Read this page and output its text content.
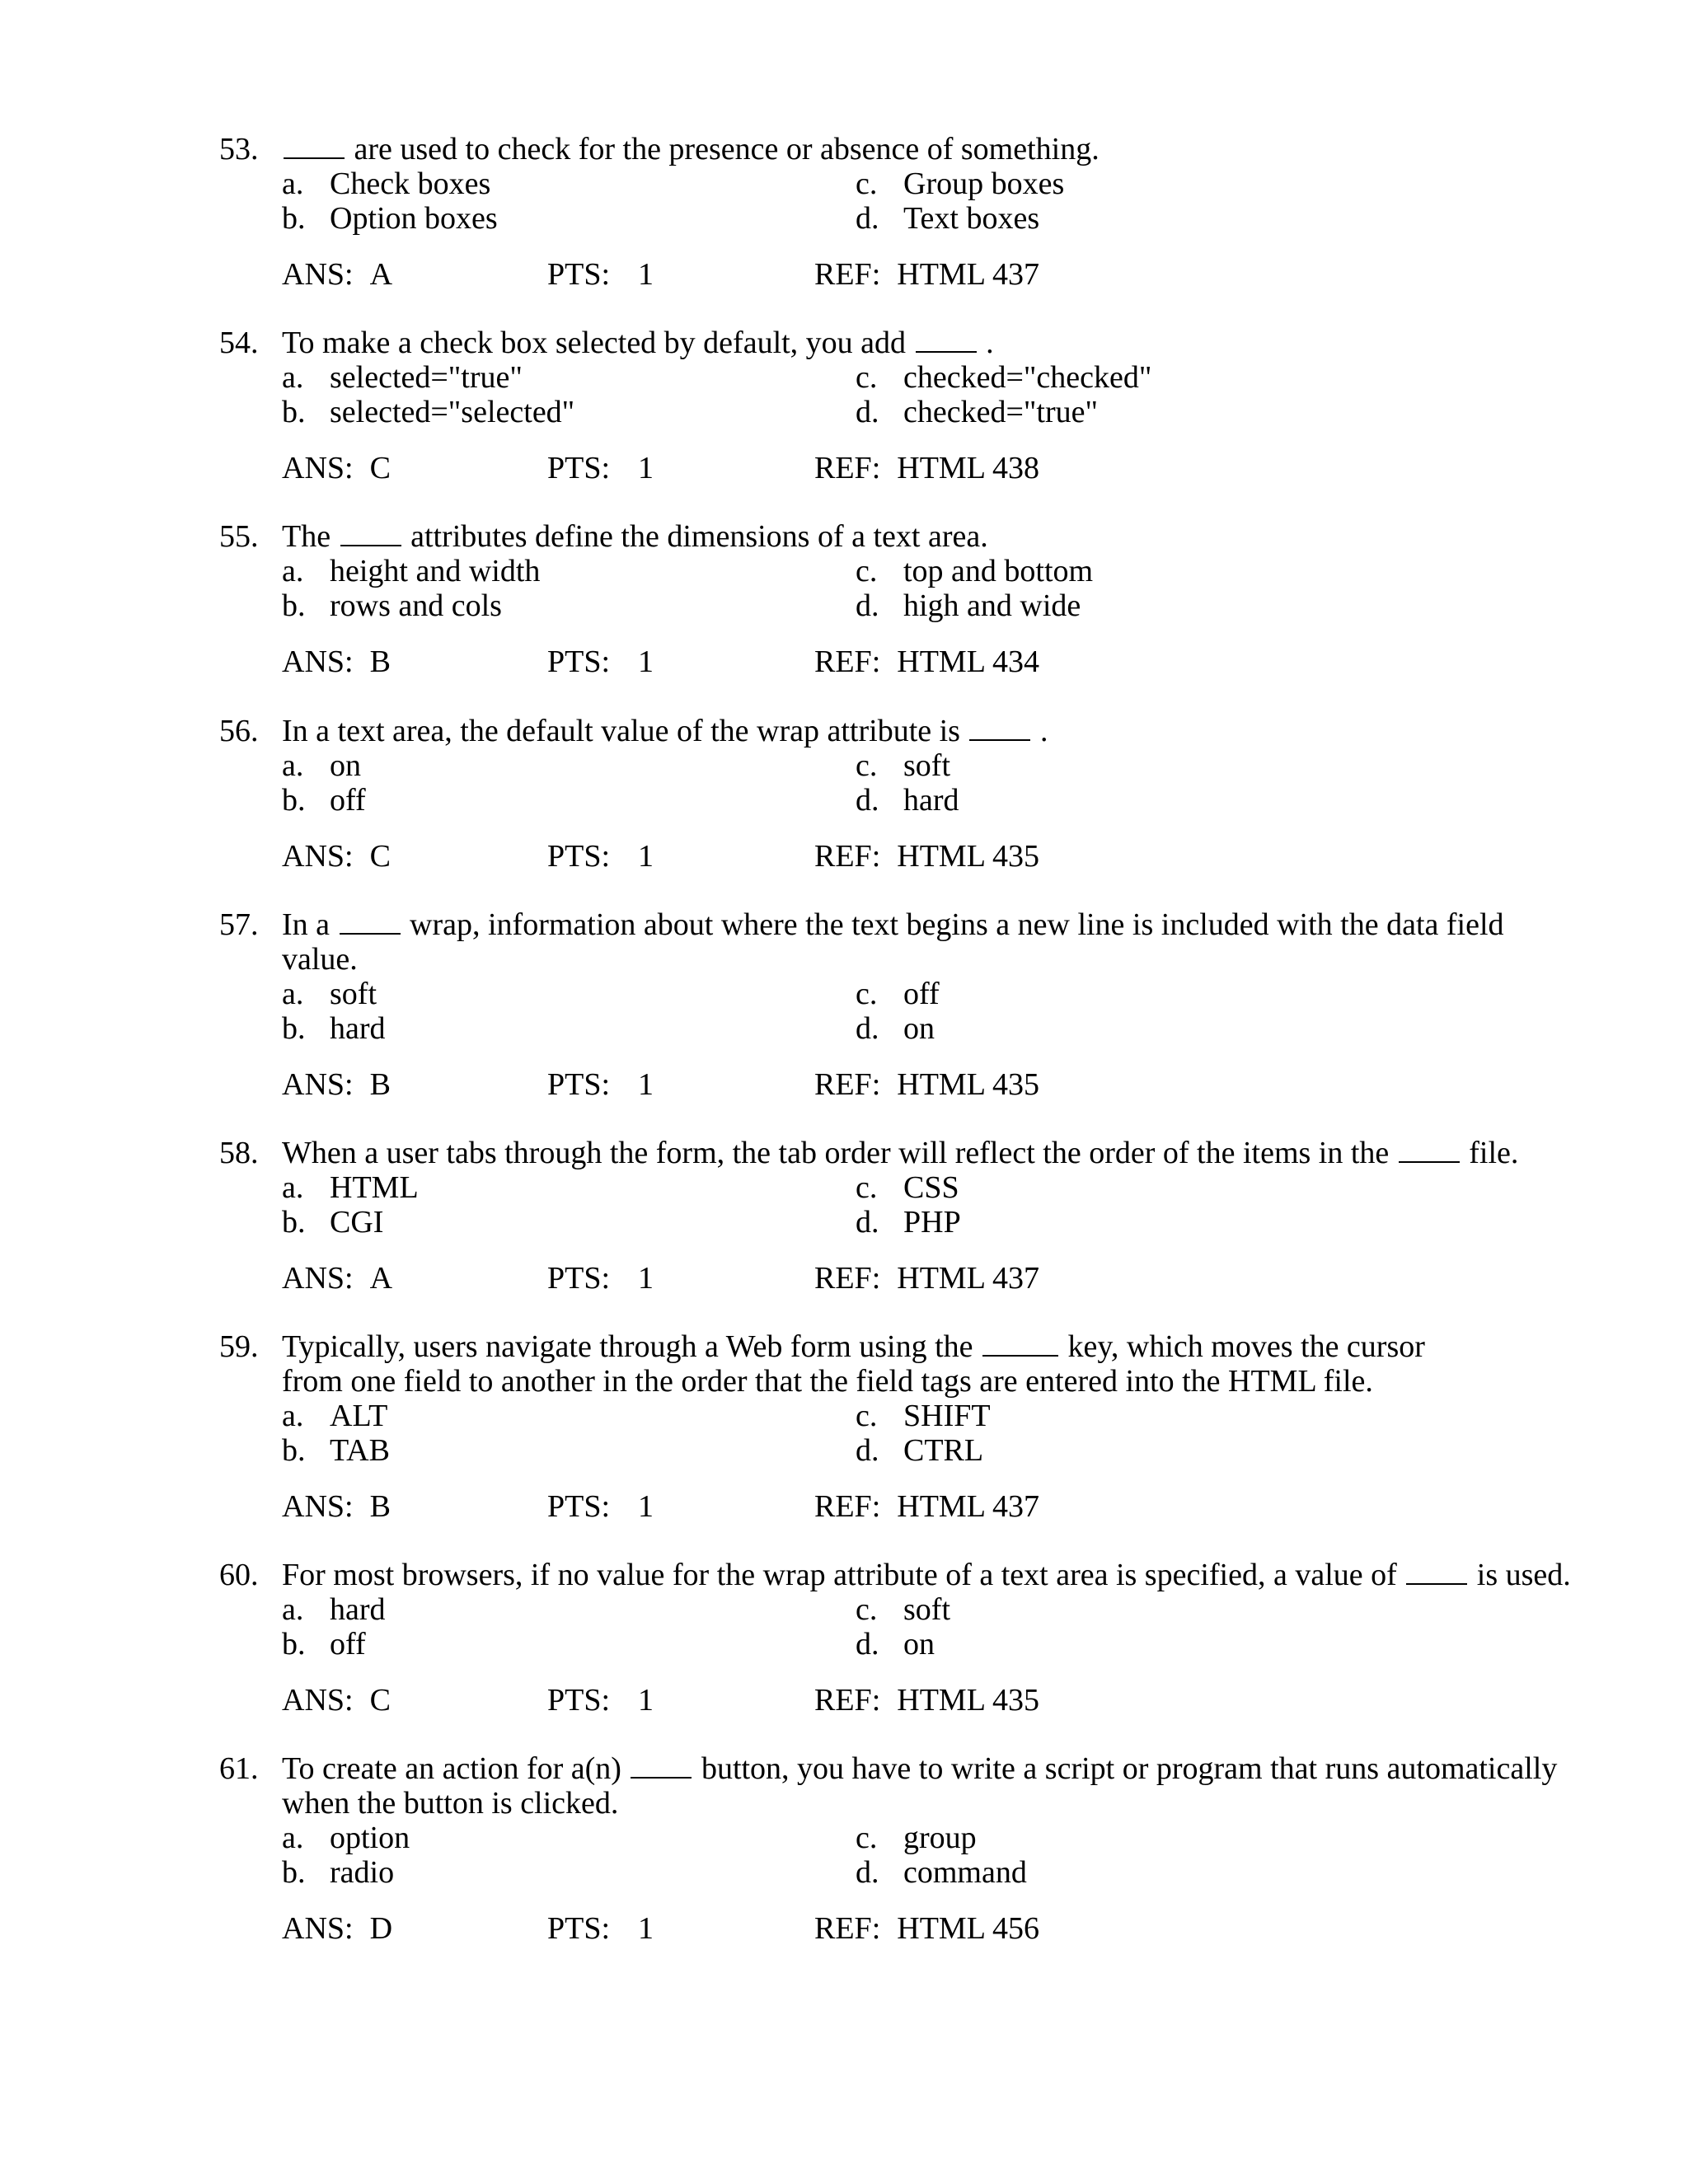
53.	are used to check for the presence or absence of something.
a. Check boxes
b. Option boxes
c. Group boxes
d. Text boxes
ANS: A	PTS: 1	REF: HTML 437
54. To make a check box selected by default, you add	.
a. selected="true"
b. selected="selected"
c. checked="checked"
d. checked="true"
ANS: C	PTS: 1	REF: HTML 438
55. The	attributes define the dimensions of a text area.
a. height and width
b. rows and cols
c. top and bottom
d. high and wide
ANS: B	PTS: 1	REF: HTML 434
56. In a text area, the default value of the wrap attribute is	.
a. on
b. off
c. soft
d. hard
ANS: C	PTS: 1	REF: HTML 435
57. In a	wrap, information about where the text begins a new line is included with the data field
value.
a. soft
b. hard
c. off
d. on
ANS: B	PTS: 1	REF: HTML 435
58. When a user tabs through the form, the tab order will reflect the order of the items in the	file.
a. HTML
b. CGI
c. CSS
d. PHP
ANS: A	PTS: 1	REF: HTML 437
59. Typically, users navigate through a Web form using the	key, which moves the cursor
from one field to another in the order that the field tags are entered into the HTML file.
a. ALT
b. TAB
c. SHIFT
d. CTRL
ANS: B	PTS: 1	REF: HTML 437
60. For most browsers, if no value for the wrap attribute of a text area is specified, a value of	is used.
a. hard
b. off
c. soft
d. on
ANS: C	PTS: 1	REF: HTML 435
61. To create an action for a(n)	button, you have to write a script or program that runs automatically
when the button is clicked.
a. option
b. radio
c. group
d. command
ANS: D	PTS: 1	REF: HTML 456
